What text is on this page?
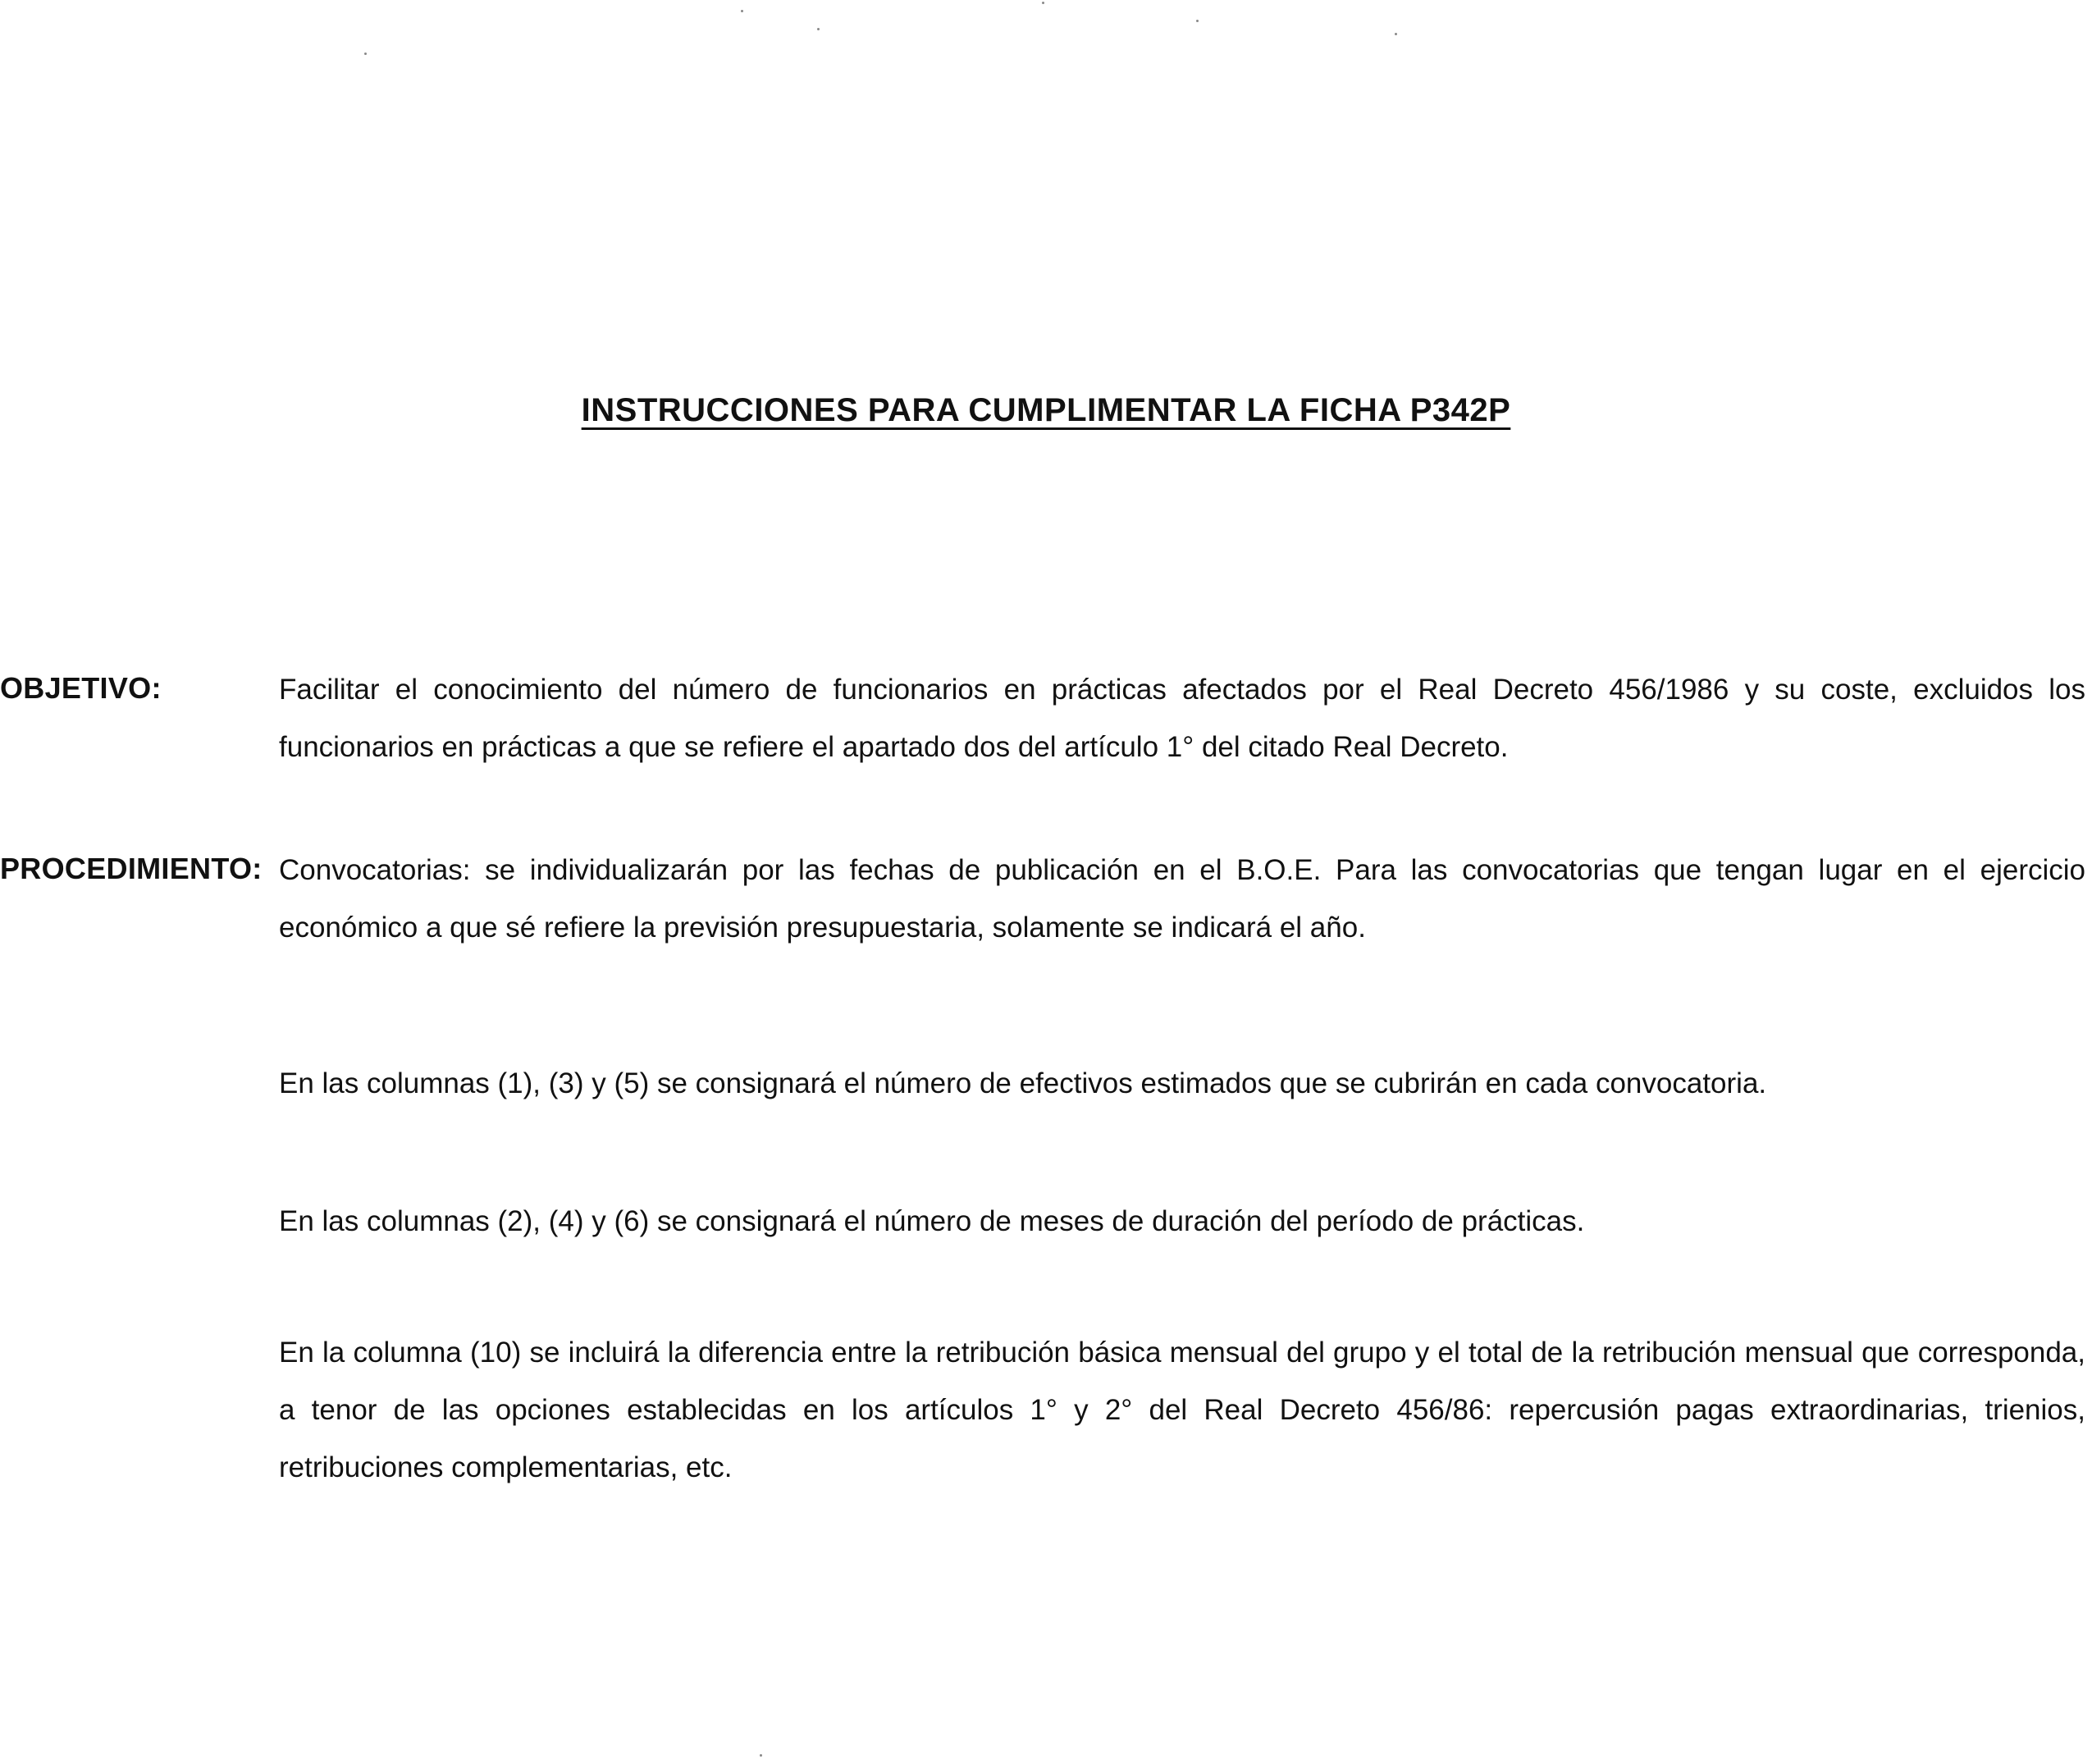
INSTRUCCIONES PARA CUMPLIMENTAR LA FICHA P342P
OBJETIVO:	Facilitar el conocimiento del número de funcionarios en prácticas afectados por el Real Decreto 456/1986 y su coste, excluidos los funcionarios en prácticas a que se refiere el apartado dos del artículo 1° del citado Real Decreto.
PROCEDIMIENTO: Convocatorias: se individualizarán por las fechas de publicación en el B.O.E. Para las convocatorias que tengan lugar en el ejercicio económico a que sé refiere la previsión presupuestaria, solamente se indicará el año.
En las columnas (1), (3) y (5) se consignará el número de efectivos estimados que se cubrirán en cada convocatoria.
En las columnas (2), (4) y (6) se consignará el número de meses de duración del período de prácticas.
En la columna (10) se incluirá la diferencia entre la retribución básica mensual del grupo y el total de la retribución mensual que corresponda, a tenor de las opciones establecidas en los artículos 1° y 2° del Real Decreto 456/86: repercusión pagas extraordinarias, trienios, retribuciones complementarias, etc.
